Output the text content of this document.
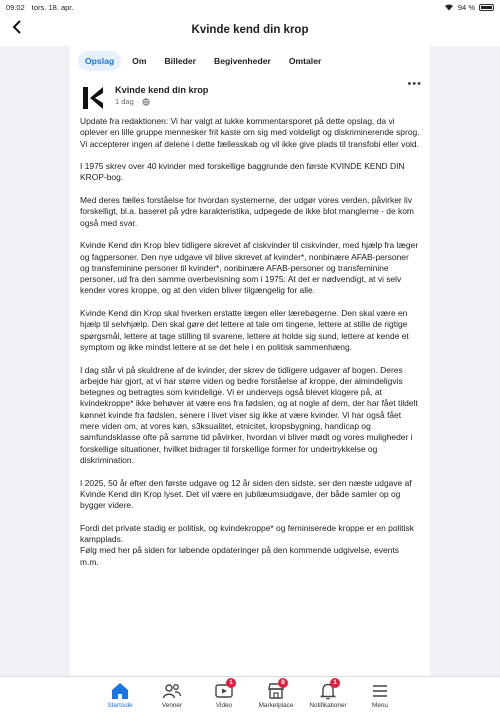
09.02 tors. 18. apr.	94 %
Kvinde kend din krop
Opslag	Om	Billeder	Begivenheder	Omtaler
Kvinde kend din krop
1 dag ·
•••

Update fra redaktionen: Vi har valgt at lukke kommentarsporet på dette opslag, da vi oplever en lille gruppe mennesker frit kaste om sig med voldeligt og diskriminerende sprog. Vi accepterer ingen af delene i dette fællesskab og vil ikke give plads til transfobi eller vold.

I 1975 skrev over 40 kvinder med forskellige baggrunde den første KVINDE KEND DIN KROP-bog.

Med deres fælles forståelse for hvordan systemerne, der udgør vores verden, påvirker liv forskelligt, bl.a. baseret på ydre karakteristika, udpegede de ikke blot manglerne - de kom også med svar.

Kvinde Kend din Krop blev tidligere skrevet af ciskvinder til ciskvinder, med hjælp fra læger og fagpersoner. Den nye udgave vil blive skrevet af kvinder*, nonbinære AFAB-personer og transfeminine personer til kvinder*, nonbinære AFAB-personer og transfeminine personer, ud fra den samme overbevisning som i 1975: At det er nødvendigt, at vi selv kender vores kroppe, og at den viden bliver tilgængelig for alle.

Kvinde Kend din Krop skal hverken erstatte lægen eller lærebøgerne. Den skal være en hjælp til selvhjælp. Den skal gøre det lettere at tale om tingene, lettere at stille de rigtige spørgsmål, lettere at tage stilling til svarene, lettere at holde sig sund, lettere at kende et symptom og ikke mindst lettere at se det hele i en politisk sammenhæng.

I dag står vi på skuldrene af de kvinder, der skrev de tidligere udgaver af bogen. Deres arbejde har gjort, at vi har større viden og bedre forståelse af kroppe, der almindeligvis betegnes og betragtes som kvindelige. Vi er undervejs også blevet klogere på, at kvindekroppe* ikke behøver at være ens fra fødslen, og at nogle af dem, der har fået tildelt kønnet kvinde fra fødslen, senere i livet viser sig ikke at være kvinder. Vi har også fået mere viden om, at vores køn, s3ksualitet, etnicitet, kropsbygning, handicap og samfundsklasse ofte på samme tid påvirker, hvordan vi bliver mødt og vores muligheder i forskellige situationer, hvilket bidrager til forskellige former for undertrykkelse og diskrimination.

I 2025, 50 år efter den første udgave og 12 år siden den sidste, ser den næste udgave af Kvinde Kend din Krop lyset. Det vil være en jubilæumsudgave, der både samler op og bygger videre.

Fordi det private stadig er politisk, og kvindekroppe* og feminiserede kroppe er en politisk kampplads.

Følg med her på siden for løbende opdateringer på den kommende udgivelse, events m.m.

Startside	Venner
1
Video
8
Marketplace
1
Notifikationer	Menu
